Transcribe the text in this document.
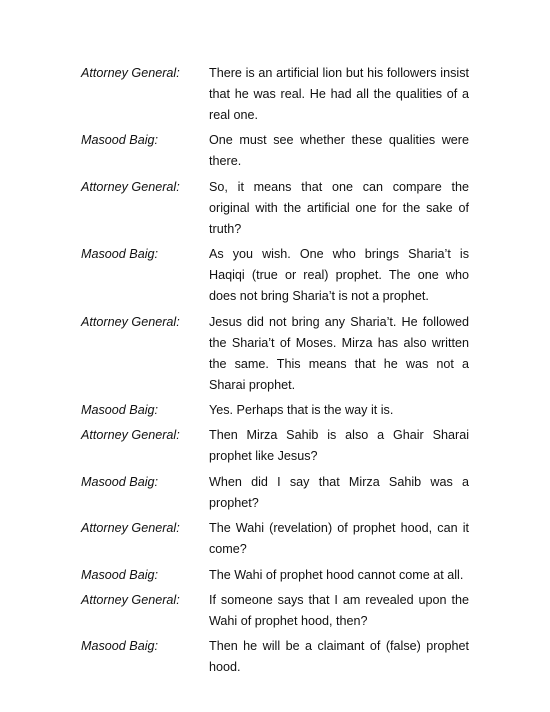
Attorney General:	There is an artificial lion but his followers insist that he was real. He had all the qualities of a real one.
Masood Baig:	One must see whether these qualities were there.
Attorney General:	So, it means that one can compare the original with the artificial one for the sake of truth?
Masood Baig:	As you wish. One who brings Sharia’t is Haqiqi (true or real) prophet. The one who does not bring Sharia’t is not a prophet.
Attorney General:	Jesus did not bring any Sharia’t. He followed the Sharia’t of Moses. Mirza has also written the same. This means that he was not a Sharai prophet.
Masood Baig:	Yes. Perhaps that is the way it is.
Attorney General:	Then Mirza Sahib is also a Ghair Sharai prophet like Jesus?
Masood Baig:	When did I say that Mirza Sahib was a prophet?
Attorney General:	The Wahi (revelation) of prophet hood, can it come?
Masood Baig:	The Wahi of prophet hood cannot come at all.
Attorney General:	If someone says that I am revealed upon the Wahi of prophet hood, then?
Masood Baig:	Then he will be a claimant of (false) prophet hood.
